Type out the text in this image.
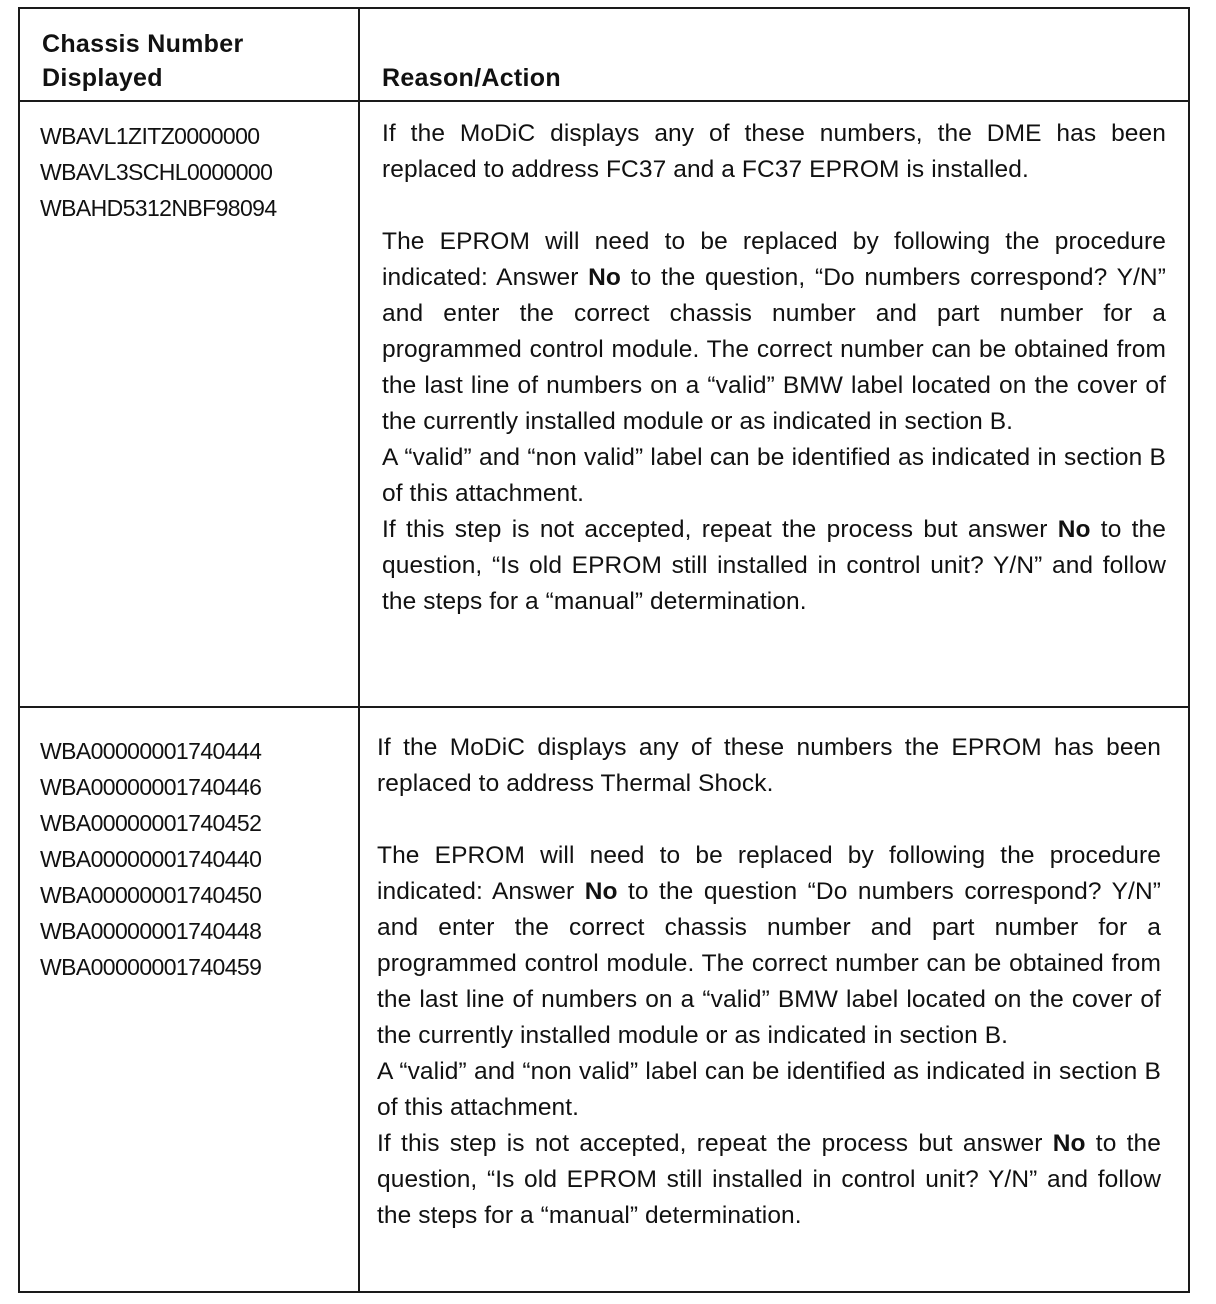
Chassis Number
Displayed	Reason/Action
WBAVL1ZITZ0000000
WBAVL3SCHL0000000
WBAHD5312NBF98094

If the MoDiC displays any of these numbers, the DME has been replaced to address FC37 and a FC37 EPROM is installed.

The EPROM will need to be replaced by following the procedure indicated: Answer No to the question, “Do numbers correspond? Y/N” and enter the correct chassis number and part number for a programmed control module. The correct number can be obtained from the last line of numbers on a “valid” BMW label located on the cover of the currently installed module or as indicated in section B.

A “valid” and “non valid” label can be identified as indicated in section B of this attachment.

If this step is not accepted, repeat the process but answer No to the question, “Is old EPROM still installed in control unit? Y/N” and follow the steps for a “manual” determination.

WBA00000001740444
WBA00000001740446
WBA00000001740452
WBA00000001740440
WBA00000001740450
WBA00000001740448
WBA00000001740459

If the MoDiC displays any of these numbers the EPROM has been replaced to address Thermal Shock.

The EPROM will need to be replaced by following the procedure indicated: Answer No to the question “Do numbers correspond? Y/N” and enter the correct chassis number and part number for a programmed control module. The correct number can be obtained from the last line of numbers on a “valid” BMW label located on the cover of the currently installed module or as indicated in section B.

A “valid” and “non valid” label can be identified as indicated in section B of this attachment.

If this step is not accepted, repeat the process but answer No to the question, “Is old EPROM still installed in control unit? Y/N” and follow the steps for a “manual” determination.
